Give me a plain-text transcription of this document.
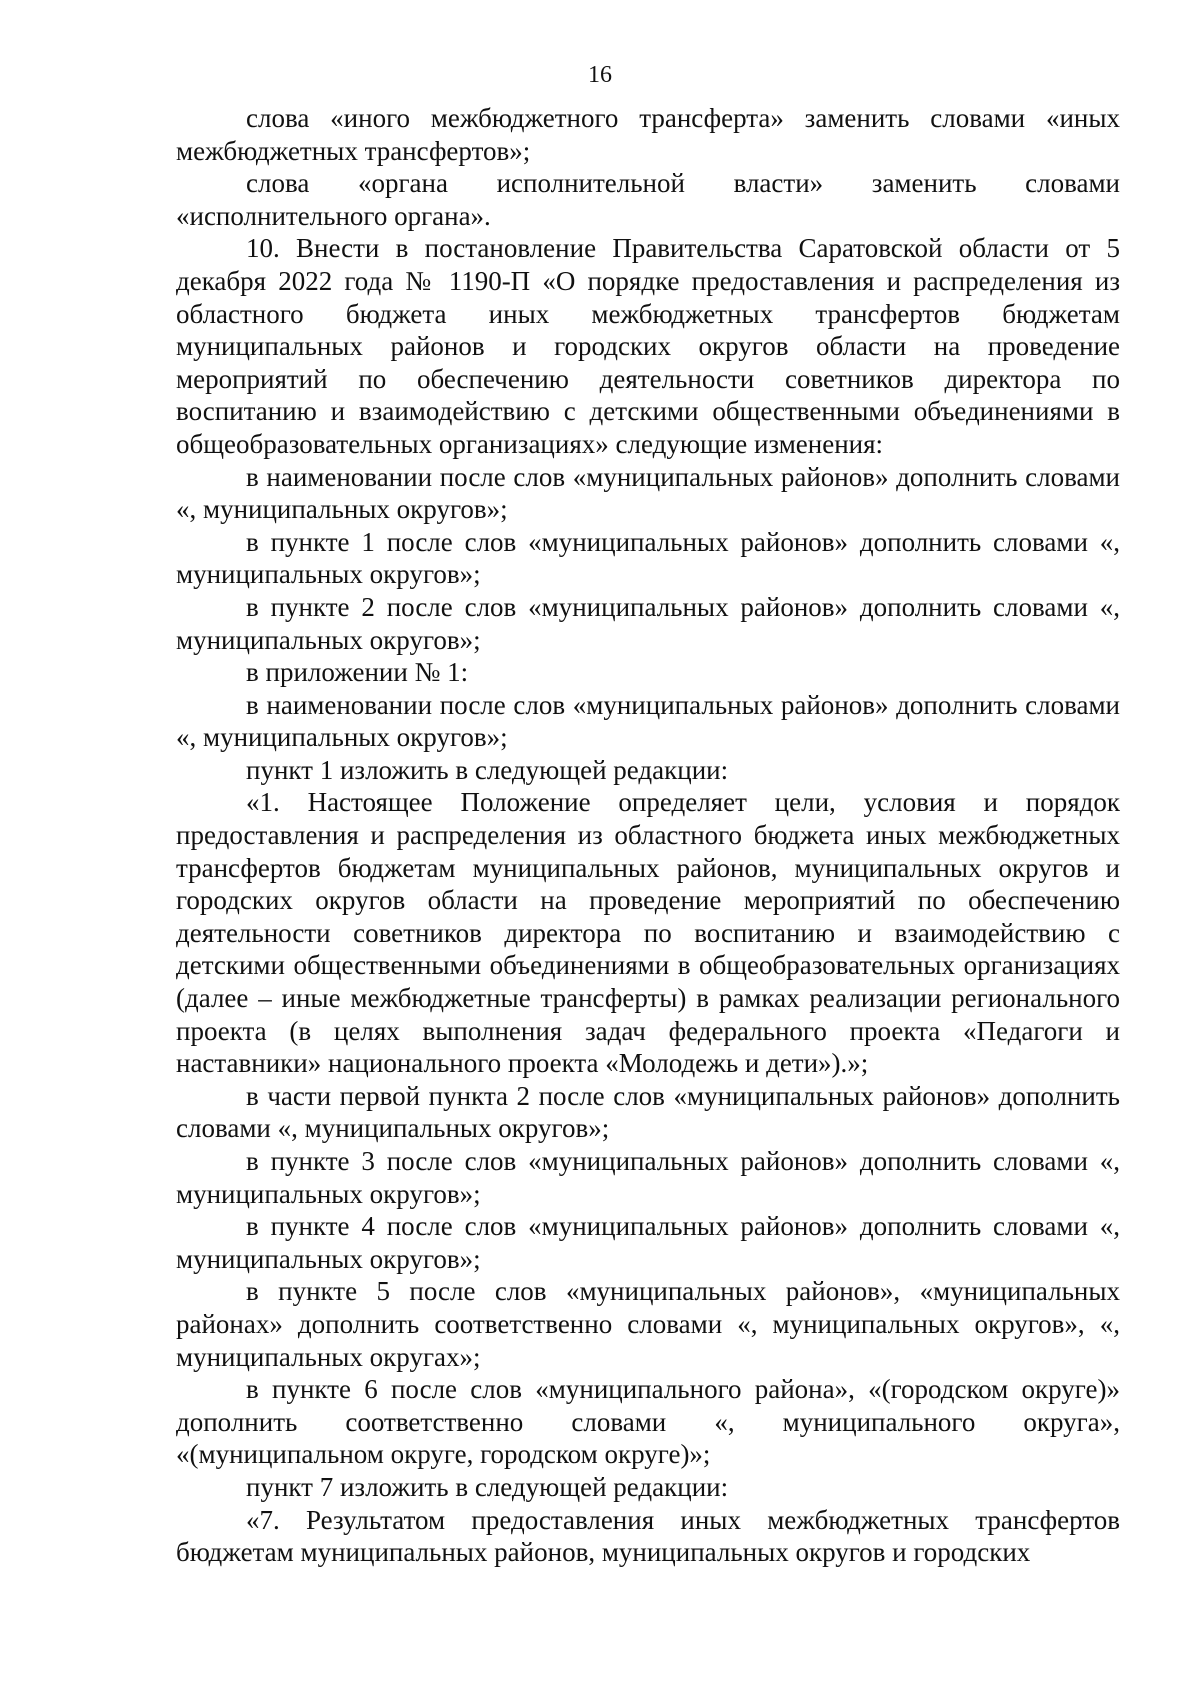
16

слова «иного межбюджетного трансферта» заменить словами «иных межбюджетных трансфертов»;

слова «органа исполнительной власти» заменить словами «исполнительного органа».

10. Внести в постановление Правительства Саратовской области от 5 декабря 2022 года № 1190-П «О порядке предоставления и распределения из областного бюджета иных межбюджетных трансфертов бюджетам муниципальных районов и городских округов области на проведение мероприятий по обеспечению деятельности советников директора по воспитанию и взаимодействию с детскими общественными объединениями в общеобразовательных организациях» следующие изменения:

в наименовании после слов «муниципальных районов» дополнить словами «, муниципальных округов»;

в пункте 1 после слов «муниципальных районов» дополнить словами «, муниципальных округов»;

в пункте 2 после слов «муниципальных районов» дополнить словами «, муниципальных округов»;

в приложении № 1:

в наименовании после слов «муниципальных районов» дополнить словами «, муниципальных округов»;

пункт 1 изложить в следующей редакции:

«1. Настоящее Положение определяет цели, условия и порядок предоставления и распределения из областного бюджета иных межбюджетных трансфертов бюджетам муниципальных районов, муниципальных округов и городских округов области на проведение мероприятий по обеспечению деятельности советников директора по воспитанию и взаимодействию с детскими общественными объединениями в общеобразовательных организациях (далее – иные межбюджетные трансферты) в рамках реализации регионального проекта (в целях выполнения задач федерального проекта «Педагоги и наставники» национального проекта «Молодежь и дети»).»;

в части первой пункта 2 после слов «муниципальных районов» дополнить словами «, муниципальных округов»;

в пункте 3 после слов «муниципальных районов» дополнить словами «, муниципальных округов»;

в пункте 4 после слов «муниципальных районов» дополнить словами «, муниципальных округов»;

в пункте 5 после слов «муниципальных районов», «муниципальных районах» дополнить соответственно словами «, муниципальных округов», «, муниципальных округах»;

в пункте 6 после слов «муниципального района», «(городском округе)» дополнить соответственно словами «, муниципального округа», «(муниципальном округе, городском округе)»;

пункт 7 изложить в следующей редакции:

«7. Результатом предоставления иных межбюджетных трансфертов бюджетам муниципальных районов, муниципальных округов и городских
